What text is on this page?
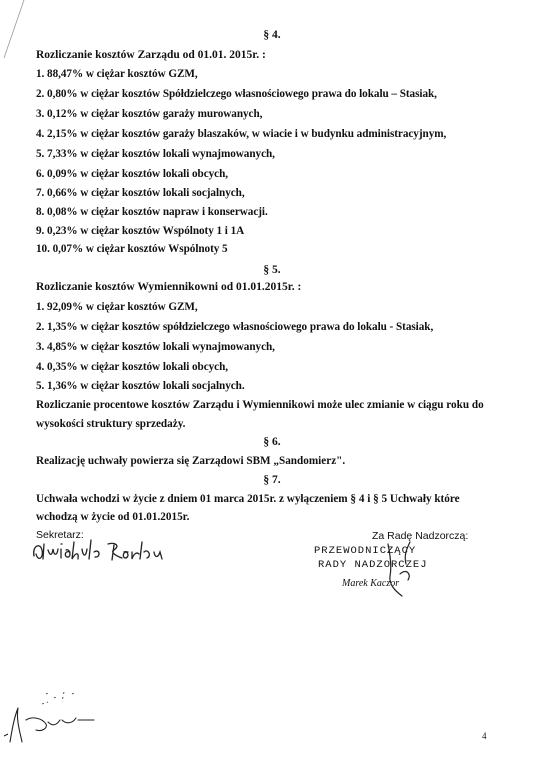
§ 4.
Rozliczanie kosztów Zarządu od 01.01. 2015r. :
1. 88,47% w ciężar kosztów GZM,
2. 0,80% w ciężar kosztów Spółdzielczego własnościowego prawa do lokalu – Stasiak,
3. 0,12% w ciężar kosztów garaży murowanych,
4. 2,15% w ciężar kosztów garaży blaszaków, w wiacie i w budynku administracyjnym,
5. 7,33% w ciężar kosztów lokali wynajmowanych,
6. 0,09% w ciężar kosztów lokali obcych,
7. 0,66% w ciężar kosztów lokali socjalnych,
8. 0,08% w ciężar kosztów napraw i konserwacji.
9. 0,23% w ciężar kosztów Wspólnoty 1 i 1A
10. 0,07% w ciężar kosztów Wspólnoty 5
§ 5.
Rozliczanie kosztów Wymiennikowni od 01.01.2015r. :
1. 92,09% w ciężar kosztów GZM,
2. 1,35% w ciężar kosztów spółdzielczego własnościowego prawa do lokalu - Stasiak,
3. 4,85% w ciężar kosztów lokali wynajmowanych,
4. 0,35% w ciężar kosztów lokali obcych,
5. 1,36% w ciężar kosztów lokali socjalnych.
Rozliczanie procentowe kosztów Zarządu i Wymiennikowi może ulec zmianie w ciągu roku do
wysokości struktury sprzedaży.
§ 6.
Realizację uchwały powierza się Zarządowi SBM „Sandomierz".
§ 7.
Uchwała wchodzi w życie z dniem 01 marca 2015r. z wyłączeniem § 4 i § 5 Uchwały które
wchodzą w życie od 01.01.2015r.
Sekretarz:	Za Radę Nadzorczą:
PRZEWODNICZĄCY
RADY NADZORCZEJ
Marek Kaczor
4
